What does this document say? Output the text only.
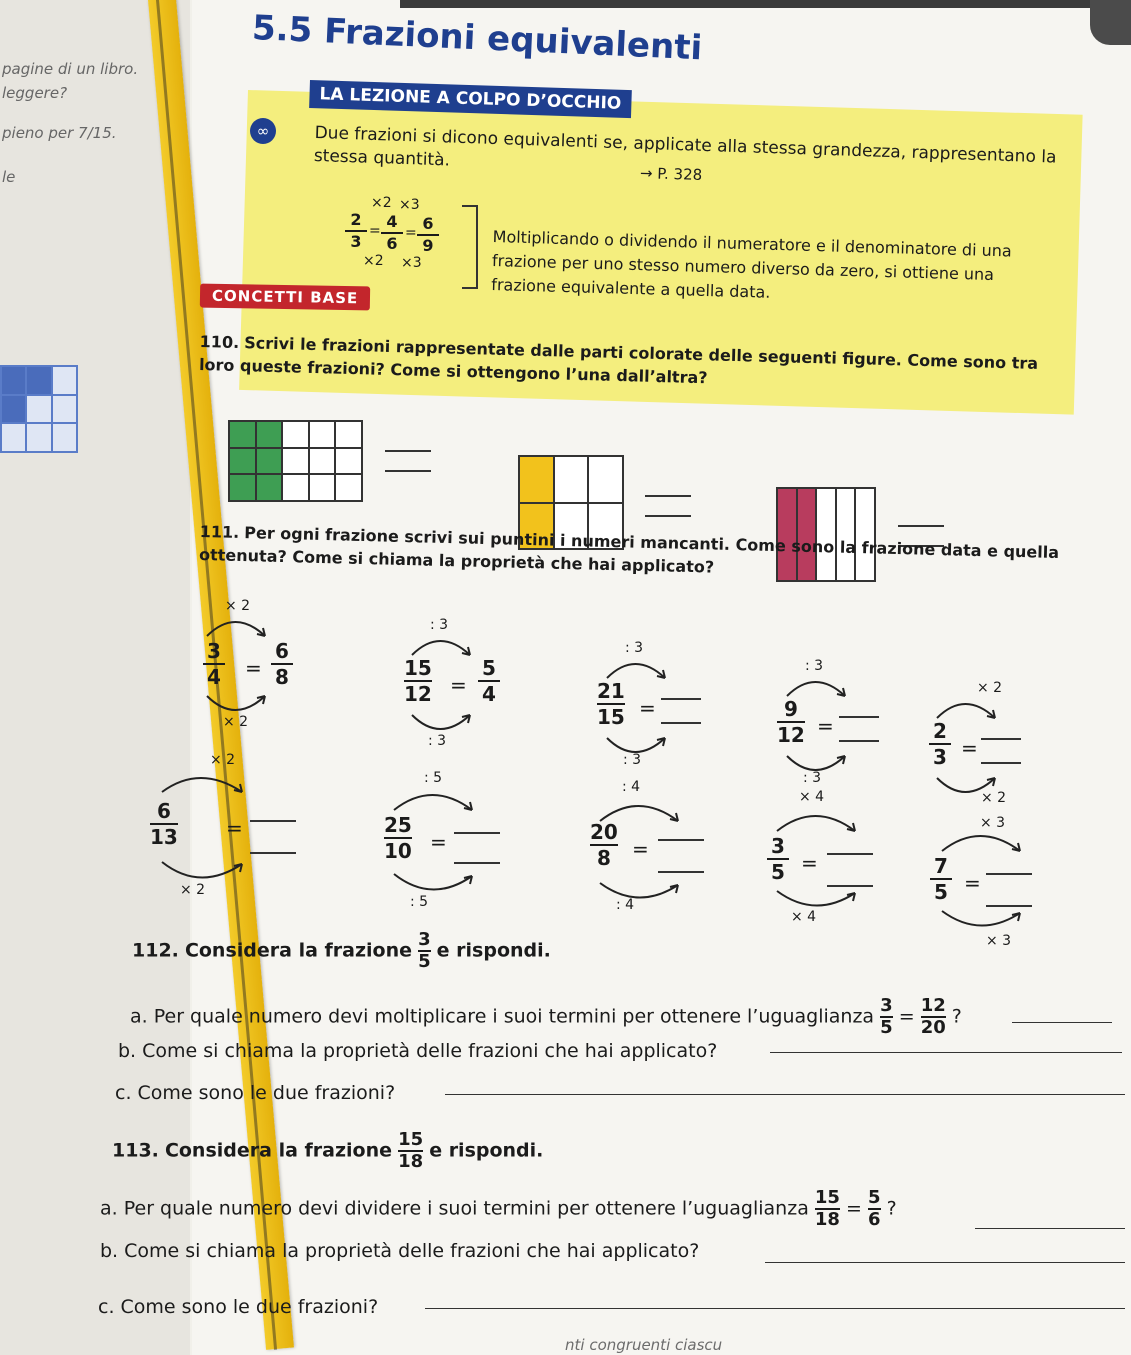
pagine di un libro.
leggere?
pieno per 7/15.
le
5.5 Frazioni equivalenti
LA LEZIONE A COLPO D’OCCHIO
→ P. 328
∞	Due frazioni si dicono equivalenti se, applicate alla stessa grandezza, rappresentano la stessa quantità.
×2 ×3
2
3
= 4
6
= 6
9
×2 ×3
Moltiplicando o dividendo il numeratore e il denominatore di una frazione per uno stesso numero diverso da zero, si ottiene una frazione equivalente a quella data.
CONCETTI BASE
110. Scrivi le frazioni rappresentate dalle parti colorate delle seguenti figure. Come sono tra loro queste frazioni? Come si ottengono l’una dall’altra?
111. Per ogni frazione scrivi sui puntini i numeri mancanti. Come sono la frazione data e quella ottenuta? Come si chiama la proprietà che hai applicato?
× 2
3
4 =
6
8
× 2
: 3
15
12 =
5
4
: 3
: 3
21
15 =
: 3
: 3
9
12 =
: 3
× 2
2
3 =
× 2
× 2
6
13 =
× 2
: 5
25
10 =
: 5
: 4
20
8 =
: 4
× 4
3
5 =
× 4
× 3
7
5 =
× 3
112. Considera la frazione $\frac{3}{5}$ e rispondi.
a. Per quale numero devi moltiplicare i suoi termini per ottenere l’uguaglianza $\frac{3}{5} = \frac{12}{20}$ ?
b. Come si chiama la proprietà delle frazioni che hai applicato?
c. Come sono le due frazioni?
113. Considera la frazione $\frac{15}{18}$ e rispondi.
a. Per quale numero devi dividere i suoi termini per ottenere l’uguaglianza $\frac{15}{18} = \frac{5}{6}$ ?
b. Come si chiama la proprietà delle frazioni che hai applicato?
c. Come sono le due frazioni?
nti congruenti ciascu
